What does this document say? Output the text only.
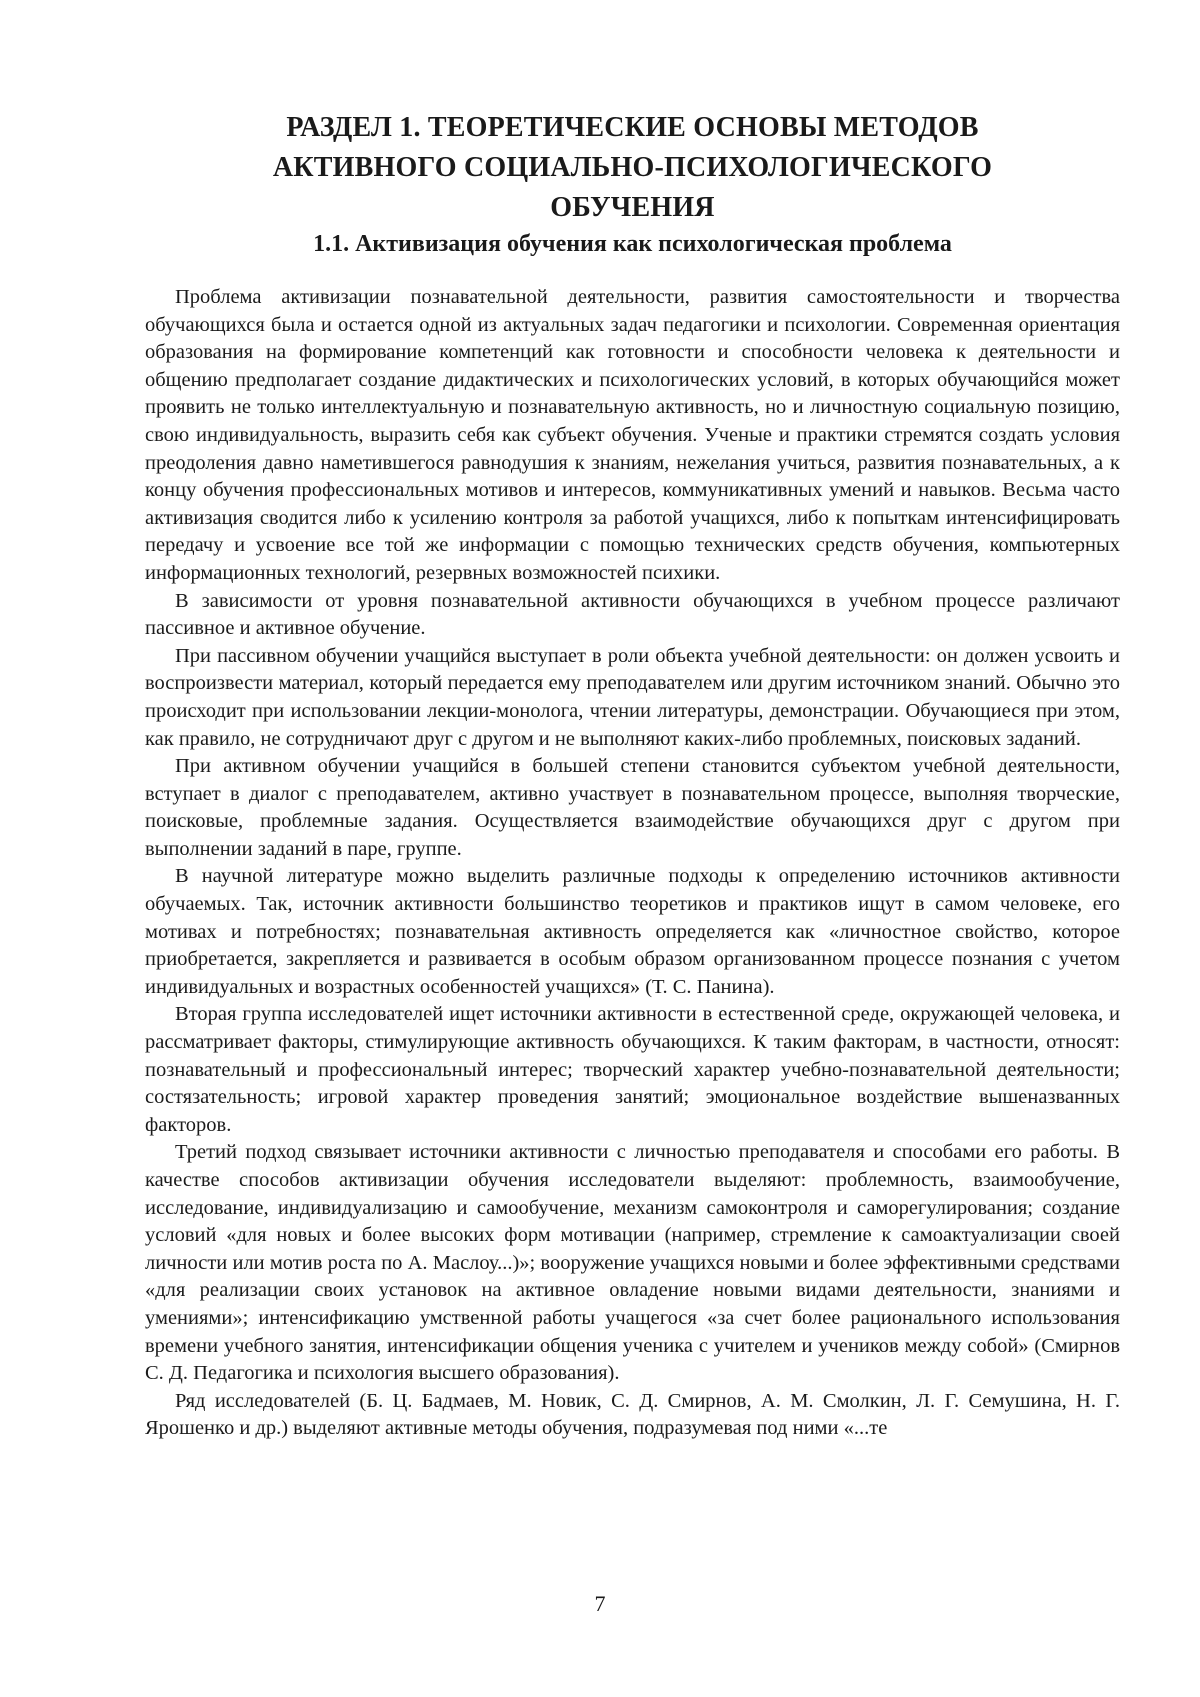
РАЗДЕЛ 1. ТЕОРЕТИЧЕСКИЕ ОСНОВЫ МЕТОДОВ
АКТИВНОГО СОЦИАЛЬНО-ПСИХОЛОГИЧЕСКОГО
ОБУЧЕНИЯ
1.1. Активизация обучения как психологическая проблема

Проблема активизации познавательной деятельности, развития самостоятельности и творчества обучающихся была и остается одной из актуальных задач педагогики и психологии. Современная ориентация образования на формирование компетенций как готовности и способности человека к деятельности и общению предполагает создание дидактических и психологических условий, в которых обучающийся может проявить не только интеллектуальную и познавательную активность, но и личностную социальную позицию, свою индивидуальность, выразить себя как субъект обучения. Ученые и практики стремятся создать условия преодоления давно наметившегося равнодушия к знаниям, нежелания учиться, развития познавательных, а к концу обучения профессиональных мотивов и интересов, коммуникативных умений и навыков. Весьма часто активизация сводится либо к усилению контроля за работой учащихся, либо к попыткам интенсифицировать передачу и усвоение все той же информации с помощью технических средств обучения, компьютерных информационных технологий, резервных возможностей психики.

В зависимости от уровня познавательной активности обучающихся в учебном процессе различают пассивное и активное обучение.

При пассивном обучении учащийся выступает в роли объекта учебной деятельности: он должен усвоить и воспроизвести материал, который передается ему преподавателем или другим источником знаний. Обычно это происходит при использовании лекции-монолога, чтении литературы, демонстрации. Обучающиеся при этом, как правило, не сотрудничают друг с другом и не выполняют каких-либо проблемных, поисковых заданий.

При активном обучении учащийся в большей степени становится субъектом учебной деятельности, вступает в диалог с преподавателем, активно участвует в познавательном процессе, выполняя творческие, поисковые, проблемные задания. Осуществляется взаимодействие обучающихся друг с другом при выполнении заданий в паре, группе.

В научной литературе можно выделить различные подходы к определению источников активности обучаемых. Так, источник активности большинство теоретиков и практиков ищут в самом человеке, его мотивах и потребностях; познавательная активность определяется как «личностное свойство, которое приобретается, закрепляется и развивается в особым образом организованном процессе познания с учетом индивидуальных и возрастных особенностей учащихся» (Т. С. Панина).

Вторая группа исследователей ищет источники активности в естественной среде, окружающей человека, и рассматривает факторы, стимулирующие активность обучающихся. К таким факторам, в частности, относят: познавательный и профессиональный интерес; творческий характер учебно-познавательной деятельности; состязательность; игровой характер проведения занятий; эмоциональное воздействие вышеназванных факторов.

Третий подход связывает источники активности с личностью преподавателя и способами его работы. В качестве способов активизации обучения исследователи выделяют: проблемность, взаимообучение, исследование, индивидуализацию и самообучение, механизм самоконтроля и саморегулирования; создание условий «для новых и более высоких форм мотивации (например, стремление к самоактуализации своей личности или мотив роста по А. Маслоу...)»; вооружение учащихся новыми и более эффективными средствами «для реализации своих установок на активное овладение новыми видами деятельности, знаниями и умениями»; интенсификацию умственной работы учащегося «за счет более рационального использования времени учебного занятия, интенсификации общения ученика с учителем и учеников между собой» (Смирнов С. Д. Педагогика и психология высшего образования).

Ряд исследователей (Б. Ц. Бадмаев, М. Новик, С. Д. Смирнов, А. М. Смолкин, Л. Г. Семушина, Н. Г. Ярошенко и др.) выделяют активные методы обучения, подразумевая под ними «...те

7
